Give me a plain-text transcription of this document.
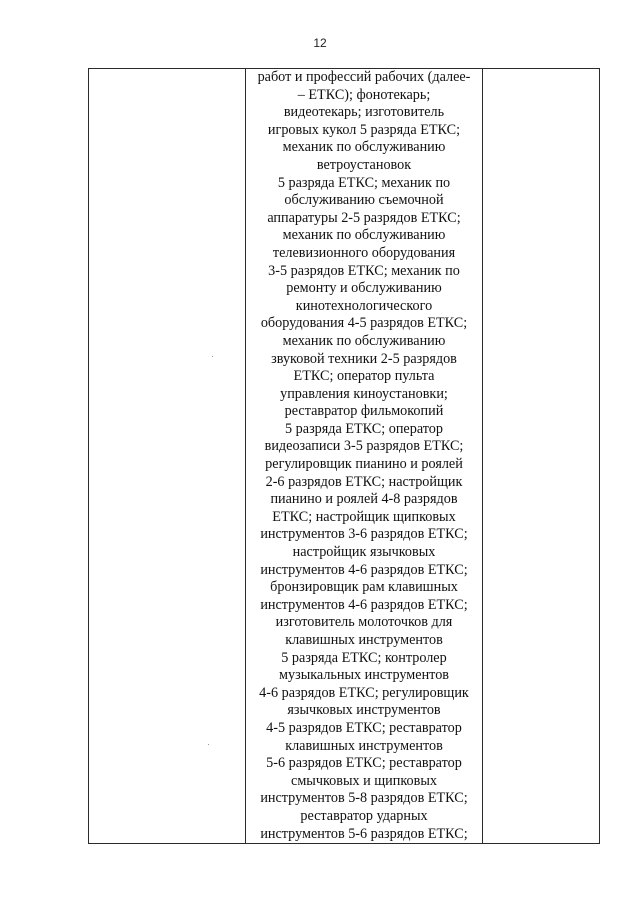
12

работ и профессий рабочих (далее-
– ЕТКС); фонотекарь;
видеотекарь; изготовитель
игровых кукол 5 разряда ЕТКС;
механик по обслуживанию
ветроустановок
5 разряда ЕТКС; механик по
обслуживанию съемочной
аппаратуры 2-5 разрядов ЕТКС;
механик по обслуживанию
телевизионного оборудования
3-5 разрядов ЕТКС; механик по
ремонту и обслуживанию
кинотехнологического
оборудования 4-5 разрядов ЕТКС;
механик по обслуживанию
звуковой техники 2-5 разрядов
ЕТКС; оператор пульта
управления киноустановки;
реставратор фильмокопий
5 разряда ЕТКС; оператор
видеозаписи 3-5 разрядов ЕТКС;
регулировщик пианино и роялей
2-6 разрядов ЕТКС; настройщик
пианино и роялей 4-8 разрядов
ЕТКС; настройщик щипковых
инструментов 3-6 разрядов ЕТКС;
настройщик язычковых
инструментов 4-6 разрядов ЕТКС;
бронзировщик рам клавишных
инструментов 4-6 разрядов ЕТКС;
изготовитель молоточков для
клавишных инструментов
5 разряда ЕТКС; контролер
музыкальных инструментов
4-6 разрядов ЕТКС; регулировщик
язычковых инструментов
4-5 разрядов ЕТКС; реставратор
клавишных инструментов
5-6 разрядов ЕТКС; реставратор
смычковых и щипковых
инструментов 5-8 разрядов ЕТКС;
реставратор ударных
инструментов 5-6 разрядов ЕТКС;
